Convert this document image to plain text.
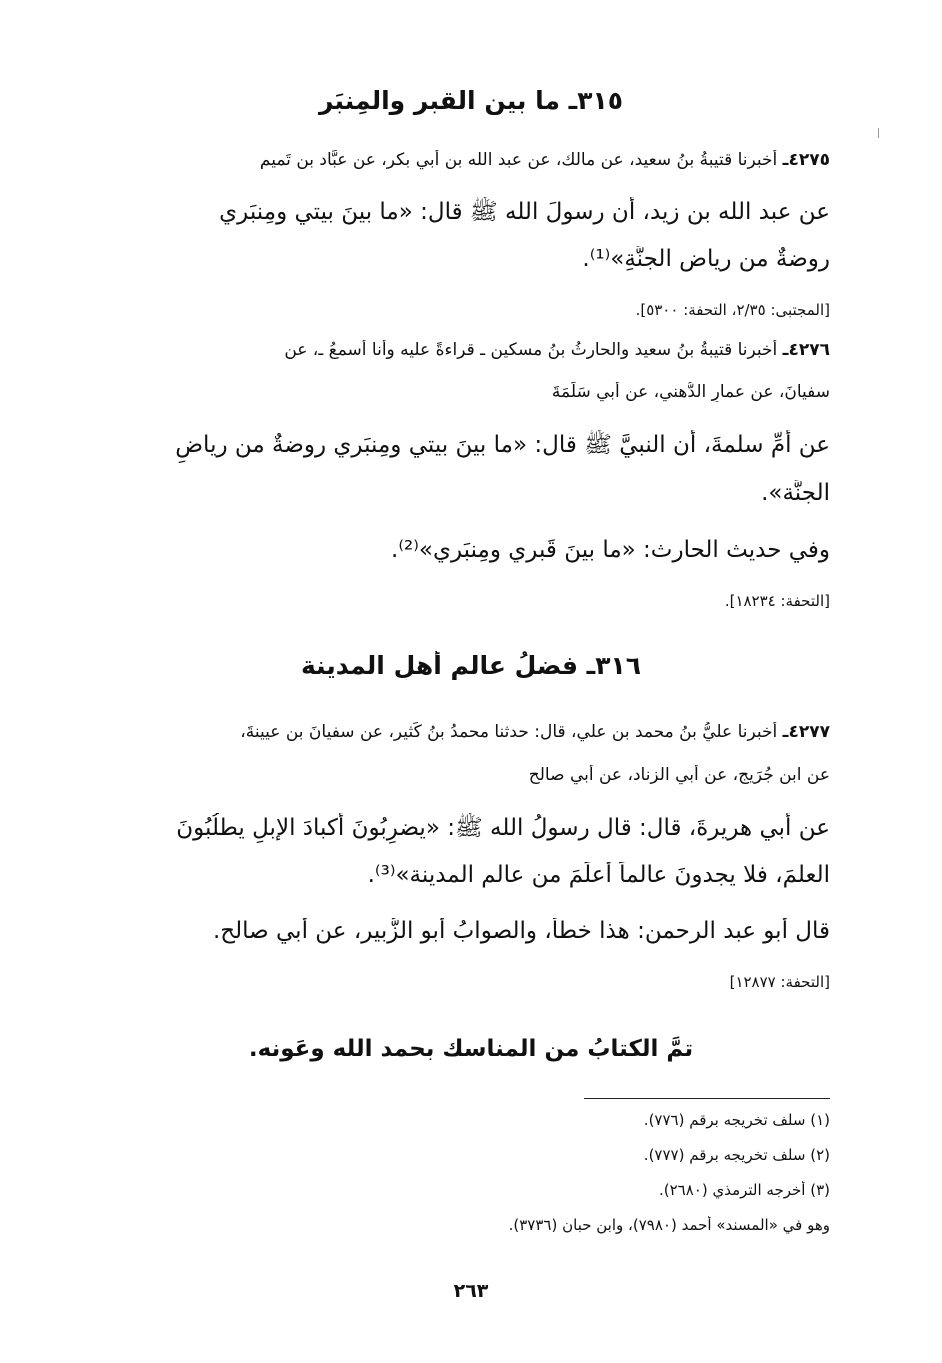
٣١٥ـ ما بين القبرِ والمِنبَرِ
٤٢٧٥ـ أخبرنا قتيبةُ بنُ سعيد، عن مالك، عن عبد الله بن أبي بكر، عن عبَّاد بن تَميم
عن عبد الله بن زيد، أن رسولَ الله ﷺ قال: «ما بينَ بيتي ومِنبَري
روضةٌ من رياضِ الجنَّةِ»⁽¹⁾.
[المجتبى: ٢/٣٥، التحفة: ٥٣٠٠].
٤٢٧٦ـ أخبرنا قتيبةُ بنُ سعيد والحارثُ بنُ مسكين ـ قراءةً عليه وأنا أسمعُ ـ، عن
سفيانَ، عن عمارٍ الدُّهني، عن أبي سَلَمَةَ
عن أُمِّ سلمةَ، أن النبيَّ ﷺ قال: «ما بينَ بيتي ومِنبَري روضةٌ من رياضِ
الجنَّة».
وفي حديث الحارث: «ما بينَ قَبري ومِنبَري»⁽²⁾.
[التحفة: ١٨٢٣٤].
٣١٦ـ فضلُ عالمِ أهلِ المدينة
٤٢٧٧ـ أخبرنا عليُّ بنُ محمد بن علي، قال: حدثنا محمدُ بنُ كَثير، عن سفيانَ بن عيينةَ،
عن ابن جُرَيج، عن أبي الزناد، عن أبي صالح
عن أبي هريرةَ، قال: قال رسولُ الله ﷺ: «يضرِبُونَ أكبادَ الإبلِ يطلُبُونَ
العلمَ، فلا يجدونَ عالماً أعلَمَ من عالمِ المدينة»⁽³⁾.
قال أبو عبد الرحمن: هذا خطأ، والصوابُ أبو الزُّبير، عن أبي صالح.
[التحفة: ١٢٨٧٧]
تمَّ الكتابُ من المناسك بحمد الله وعَونه.
(١) سلف تخريجه برقم (٧٧٦).
(٢) سلف تخريجه برقم (٧٧٧).
(٣) أخرجه الترمذي (٢٦٨٠).
وهو في «المسند» أحمد (٧٩٨٠)، وابن حبان (٣٧٣٦).
٢٦٣
